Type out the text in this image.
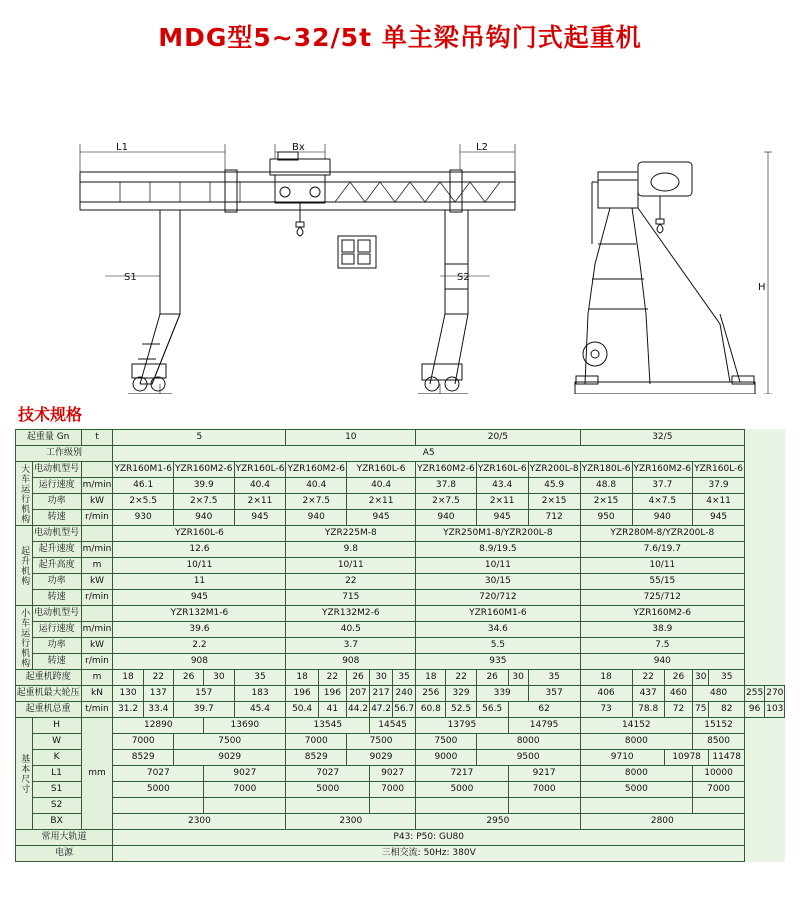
MDG型5~32/5t 单主梁吊钩门式起重机
L1	Bx	L2
S1	S2
H
技术规格
起重量 Gn		t	5					10					20/5					32/5						
工作级别			A5																					
大车运行机构	电动机型号		YZR160M1-6		YZR160M2-6		YZR160L-6	YZR160M2-6		YZR160L-6			YZR160M2-6		YZR160L-6		YZR200L-8	YZR180L-6	YZR160M2-6		YZR160L-6			
	运行速度	m/min	46.1		39.9		40.4	40.4		40.4			37.8		43.4		45.9	48.8	37.7		37.9			
	功率	kW	2×5.5		2×7.5		2×11	2×7.5		2×11			2×7.5		2×11		2×15	2×15	4×7.5		4×11			
	转速	r/min	930		940		945	940		945			940		945		712	950	940		945			
起升机构	电动机型号		YZR160L-6					YZR225M-8					YZR250M1-8/YZR200L-8					YZR280M-8/YZR200L-8						
	起升速度	m/min	12.6					9.8					8.9/19.5					7.6/19.7						
	起升高度	m	10/11					10/11					10/11					10/11						
	功率	kW	11					22					30/15					55/15						
	转速	r/min	945					715					720/712					725/712						
小车运行机构	电动机型号		YZR132M1-6					YZR132M2-6					YZR160M1-6					YZR160M2-6						
	运行速度	m/min	39.6					40.5					34.6					38.9						
	功率	kW	2.2					3.7					5.5					7.5						
	转速	r/min	908					908					935					940						
起重机跨度		m	18	22	26	30	35	18	22	26	30	35	18	22	26	30	35	18	22	26	30	35		
起重机最大轮压		kN	130	137	157		183	196	196	207	217	240	256	329	339		357	406	437	460	480		255	270
起重机总重		t/min	31.2	33.4	39.7		45.4	50.4	41	44.2	47.2	56.7	60.8	52.5	56.5	62		73	78.8	72	75	82	96	103
基本尺寸	H	mm	12890			13690		13545			14545		13795			14795		14152			15152			
	W		7000		7500			7000		7500			7500		8000			8000			8500			
	K		8529		9029			8529		9029			9000		9500			9710		10978		11478		
	L1		7027			9027		7027			9027		7217			9217		8000			10000			
	S1		5000			7000		5000			7000		5000			7000		5000			7000			
	S2																							
	BX		2300					2300					2950					2800						
常用大轨道			P43: P50: GU80																					
电源			三相交流: 50Hz: 380V																					
